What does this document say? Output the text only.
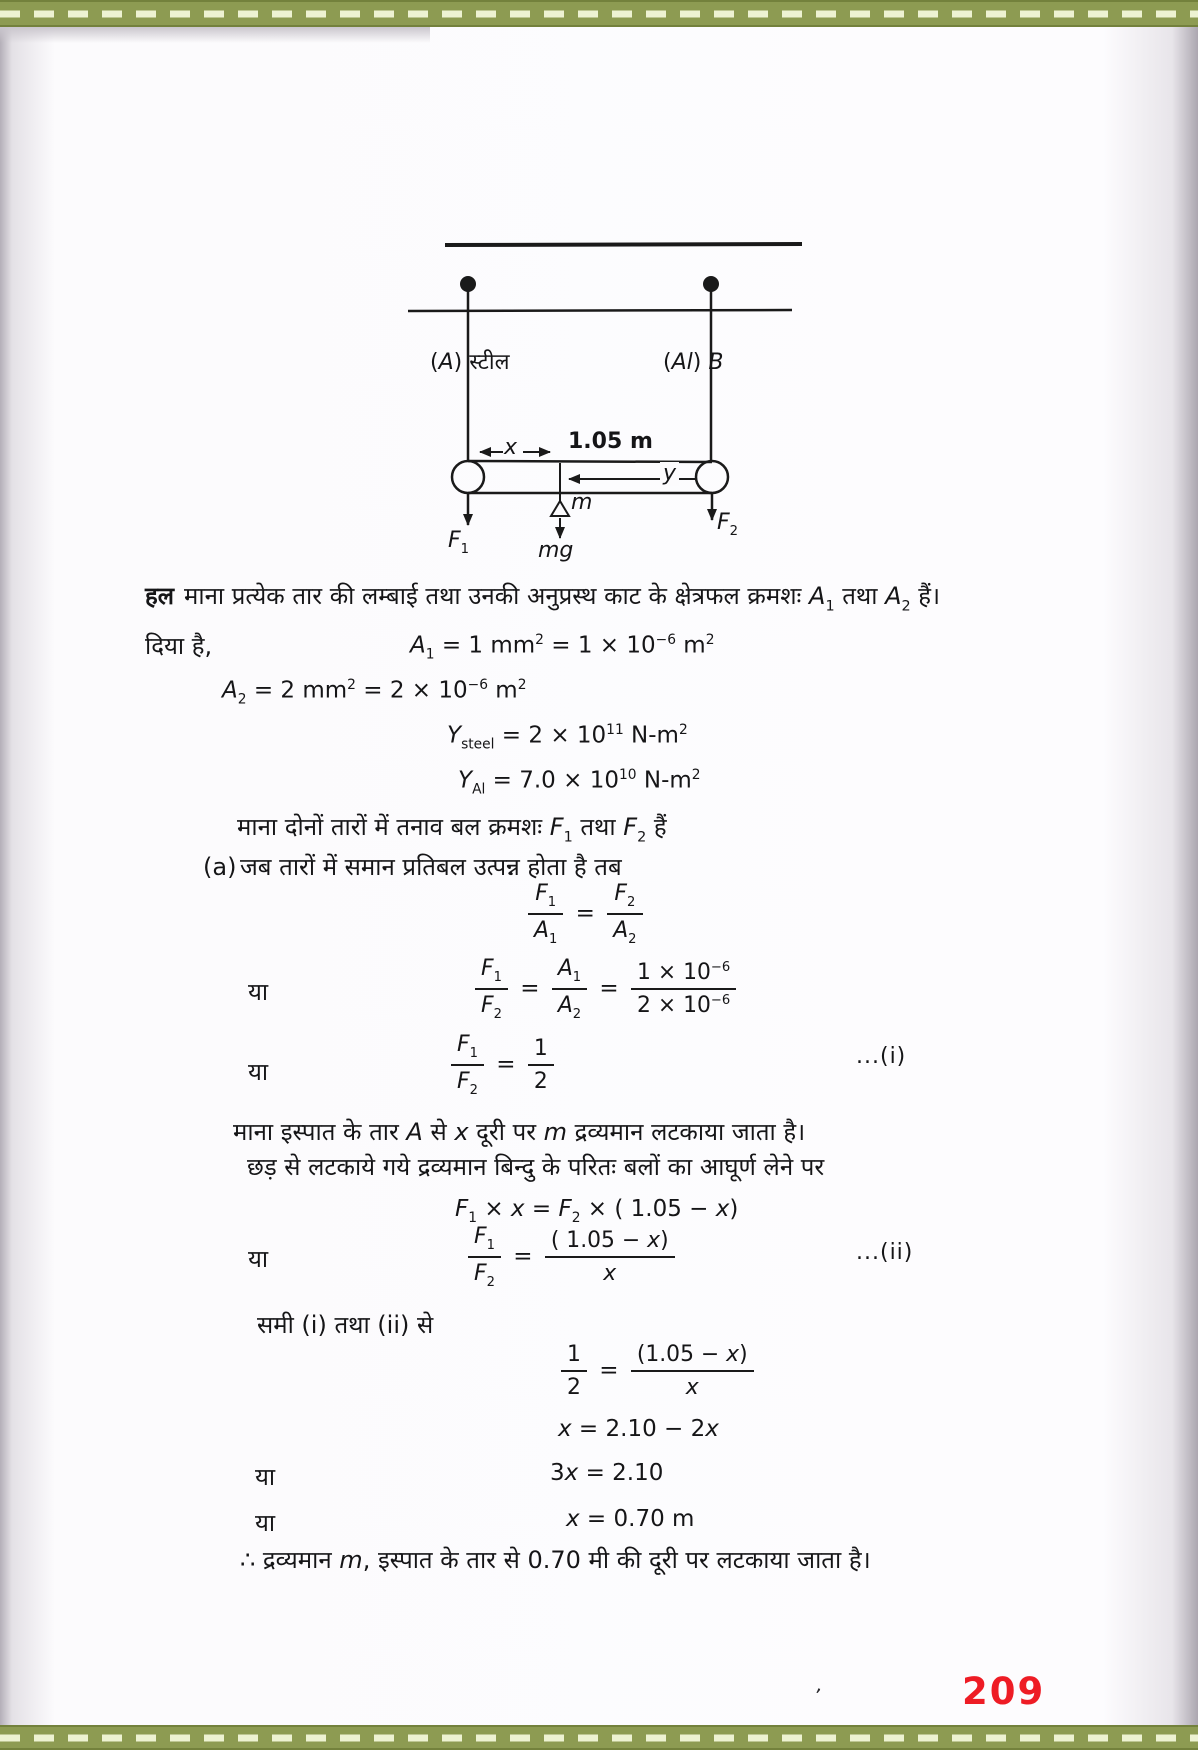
(A) स्टील	(Al) B
x 1.05 m
y
m
mg
$F_1$
$F_2$
हल माना प्रत्येक तार की लम्बाई तथा उनकी अनुप्रस्थ काट के क्षेत्रफल क्रमशः $A_1$ तथा $A_2$ हैं।
दिया है,	$A_1 = 1$ $mm^2 = 1 \times 10^{-6}$ $m^2$
$A_2 = 2$ $mm^2 = 2 \times 10^{-6}$ $m^2$
$Y_{steel} = 2 \times 10^{11}$ $N-m^2$
$Y_{Al} = 7.0 \times 10^{10}$ $N-m^2$
माना दोनों तारों में तनाव बल क्रमशः $F_1$ तथा $F_2$ हैं
(a) जब तारों में समान प्रतिबल उत्पन्न होता है तब
$\frac{F_1}{A_1} = \frac{F_2}{A_2}$
या	$\frac{F_1}{F_2} = \frac{A_1}{A_2} = \frac{1 \times 10^{-6}}{2 \times 10^{-6}}$
या	$\frac{F_1}{F_2} = \frac{1}{2}$	...(i)
माना इस्पात के तार A से x दूरी पर m द्रव्यमान लटकाया जाता है।
छड़ से लटकाये गये द्रव्यमान बिन्दु के परितः बलों का आघूर्ण लेने पर
$F_1 \times x = F_2$ × ( 1.05 − x)
या	$\frac{F_1}{F_2} = \frac{( 1.05 - x)}{x}$	...(ii)
समी (i) तथा (ii) से
$\frac{1}{2} = \frac{(1.05 - x)}{x}$
x = 2.10 − 2x
या	3x = 2.10
या	x = 0.70 m
∴ द्रव्यमान m, इस्पात के तार से 0.70 मी की दूरी पर लटकाया जाता है।
’	209
